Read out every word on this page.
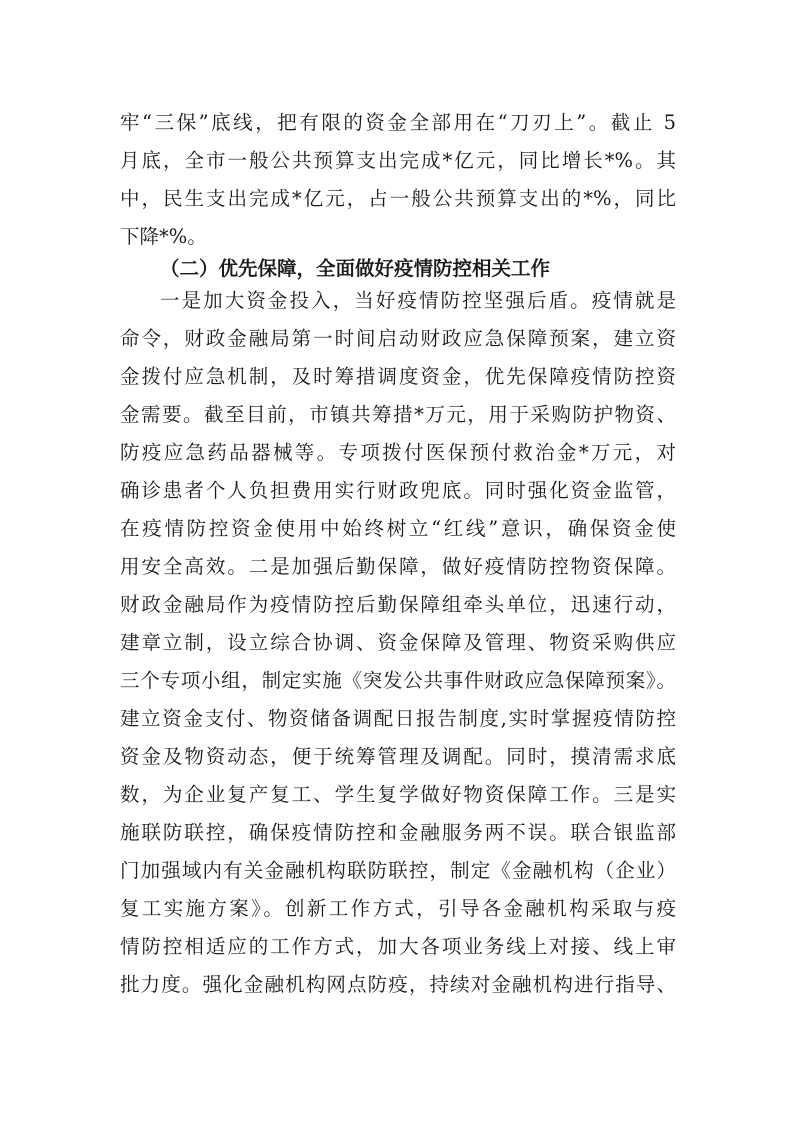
牢“三保”底线，把有限的资金全部用在“刀刃上”。截止 5
月底，全市一般公共预算支出完成*亿元，同比增长*%。其
中，民生支出完成*亿元，占一般公共预算支出的*%，同比
下降*%。
（二）优先保障，全面做好疫情防控相关工作
一是加大资金投入，当好疫情防控坚强后盾。疫情就是
命令，财政金融局第一时间启动财政应急保障预案，建立资
金拨付应急机制，及时筹措调度资金，优先保障疫情防控资
金需要。截至目前，市镇共筹措*万元，用于采购防护物资、
防疫应急药品器械等。专项拨付医保预付救治金*万元，对
确诊患者个人负担费用实行财政兜底。同时强化资金监管，
在疫情防控资金使用中始终树立“红线”意识，确保资金使
用安全高效。二是加强后勤保障，做好疫情防控物资保障。
财政金融局作为疫情防控后勤保障组牵头单位，迅速行动，
建章立制，设立综合协调、资金保障及管理、物资采购供应
三个专项小组，制定实施《突发公共事件财政应急保障预案》。
建立资金支付、物资储备调配日报告制度,实时掌握疫情防控
资金及物资动态，便于统筹管理及调配。同时，摸清需求底
数，为企业复产复工、学生复学做好物资保障工作。三是实
施联防联控，确保疫情防控和金融服务两不误。联合银监部
门加强域内有关金融机构联防联控，制定《金融机构（企业）
复工实施方案》。创新工作方式，引导各金融机构采取与疫
情防控相适应的工作方式，加大各项业务线上对接、线上审
批力度。强化金融机构网点防疫，持续对金融机构进行指导、
